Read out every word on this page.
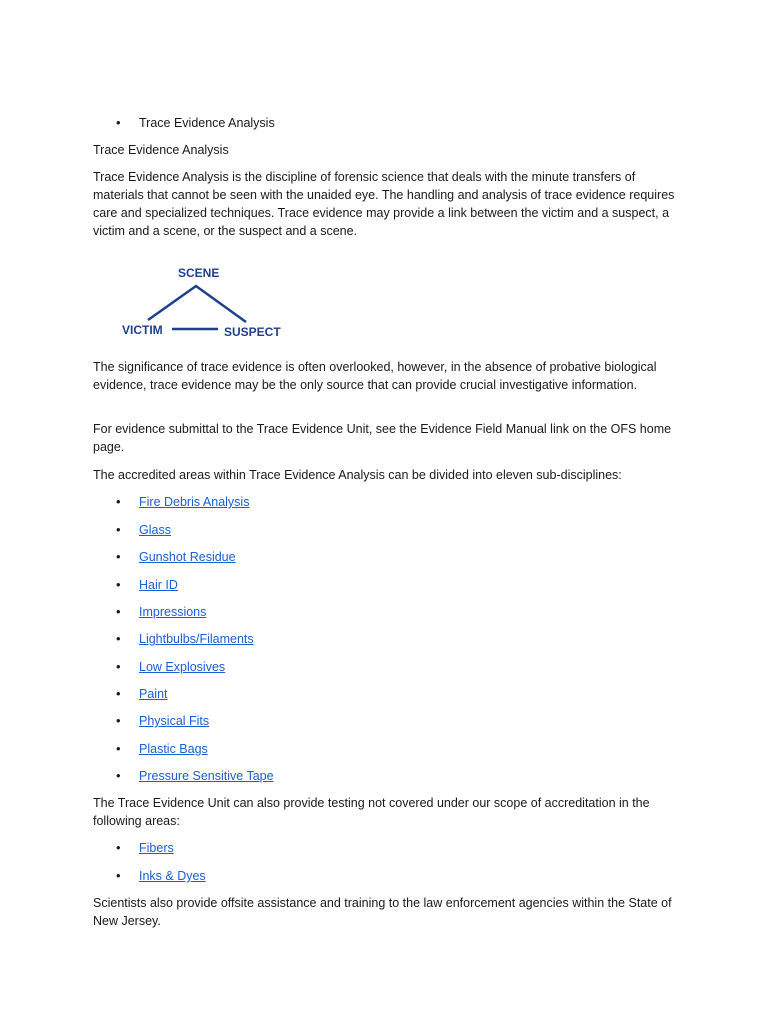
• Trace Evidence Analysis

Trace Evidence Analysis

Trace Evidence Analysis is the discipline of forensic science that deals with the minute transfers of materials that cannot be seen with the unaided eye. The handling and analysis of trace evidence requires care and specialized techniques. Trace evidence may provide a link between the victim and a suspect, a victim and a scene, or the suspect and a scene.

SCENE
VICTIM	SUSPECT

The significance of trace evidence is often overlooked, however, in the absence of probative biological evidence, trace evidence may be the only source that can provide crucial investigative information.

For evidence submittal to the Trace Evidence Unit, see the Evidence Field Manual link on the OFS home page.

The accredited areas within Trace Evidence Analysis can be divided into eleven sub-disciplines:

• Fire Debris Analysis
• Glass
• Gunshot Residue
• Hair ID
• Impressions
• Lightbulbs/Filaments
• Low Explosives
• Paint
• Physical Fits
• Plastic Bags
• Pressure Sensitive Tape

The Trace Evidence Unit can also provide testing not covered under our scope of accreditation in the following areas:

• Fibers
• Inks & Dyes

Scientists also provide offsite assistance and training to the law enforcement agencies within the State of New Jersey.
